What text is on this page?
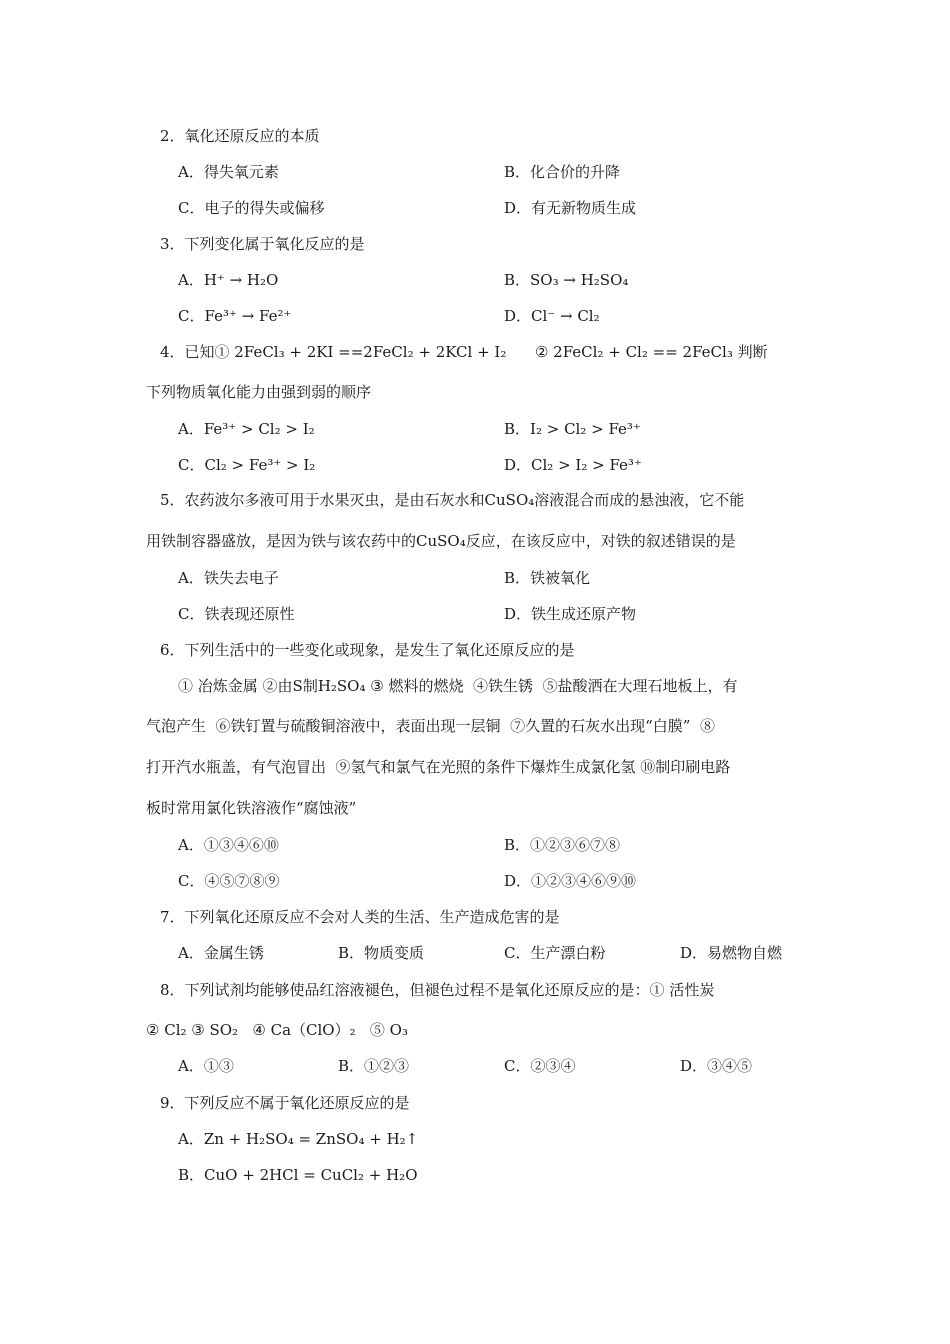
2．氧化还原反应的本质
A．得失氧元素	B．化合价的升降
C．电子的得失或偏移	D．有无新物质生成
3．下列变化属于氧化反应的是
A．H⁺ → H₂O	B．SO₃ → H₂SO₄
C．Fe³⁺ → Fe²⁺	D．Cl⁻ → Cl₂
4．已知① 2FeCl₃ + 2KI ==2FeCl₂ + 2KCl + I₂      ② 2FeCl₂ + Cl₂ == 2FeCl₃ 判断
下列物质氧化能力由强到弱的顺序
A．Fe³⁺ > Cl₂ > I₂	B．I₂ > Cl₂ > Fe³⁺
C．Cl₂ > Fe³⁺ > I₂	D．Cl₂ > I₂ > Fe³⁺
5．农药波尔多液可用于水果灭虫，是由石灰水和CuSO₄溶液混合而成的悬浊液，它不能
用铁制容器盛放，是因为铁与该农药中的CuSO₄反应，在该反应中，对铁的叙述错误的是
A．铁失去电子	B．铁被氧化
C．铁表现还原性	D．铁生成还原产物
6．下列生活中的一些变化或现象，是发生了氧化还原反应的是
① 冶炼金属 ②由S制H₂SO₄ ③ 燃料的燃烧  ④铁生锈  ⑤盐酸洒在大理石地板上，有
气泡产生  ⑥铁钉置与硫酸铜溶液中，表面出现一层铜  ⑦久置的石灰水出现“白膜”  ⑧
打开汽水瓶盖，有气泡冒出  ⑨氢气和氯气在光照的条件下爆炸生成氯化氢 ⑩制印刷电路
板时常用氯化铁溶液作“腐蚀液”
A．①③④⑥⑩	B．①②③⑥⑦⑧
C．④⑤⑦⑧⑨	D．①②③④⑥⑨⑩
7．下列氧化还原反应不会对人类的生活、生产造成危害的是
A．金属生锈	B．物质变质	C．生产漂白粉	D．易燃物自燃
8．下列试剂均能够使品红溶液褪色，但褪色过程不是氧化还原反应的是：① 活性炭
② Cl₂ ③ SO₂   ④ Ca（ClO）₂   ⑤ O₃
A．①③	B．①②③	C．②③④	D．③④⑤
9．下列反应不属于氧化还原反应的是
A．Zn + H₂SO₄ = ZnSO₄ + H₂↑
B．CuO + 2HCl = CuCl₂ + H₂O
